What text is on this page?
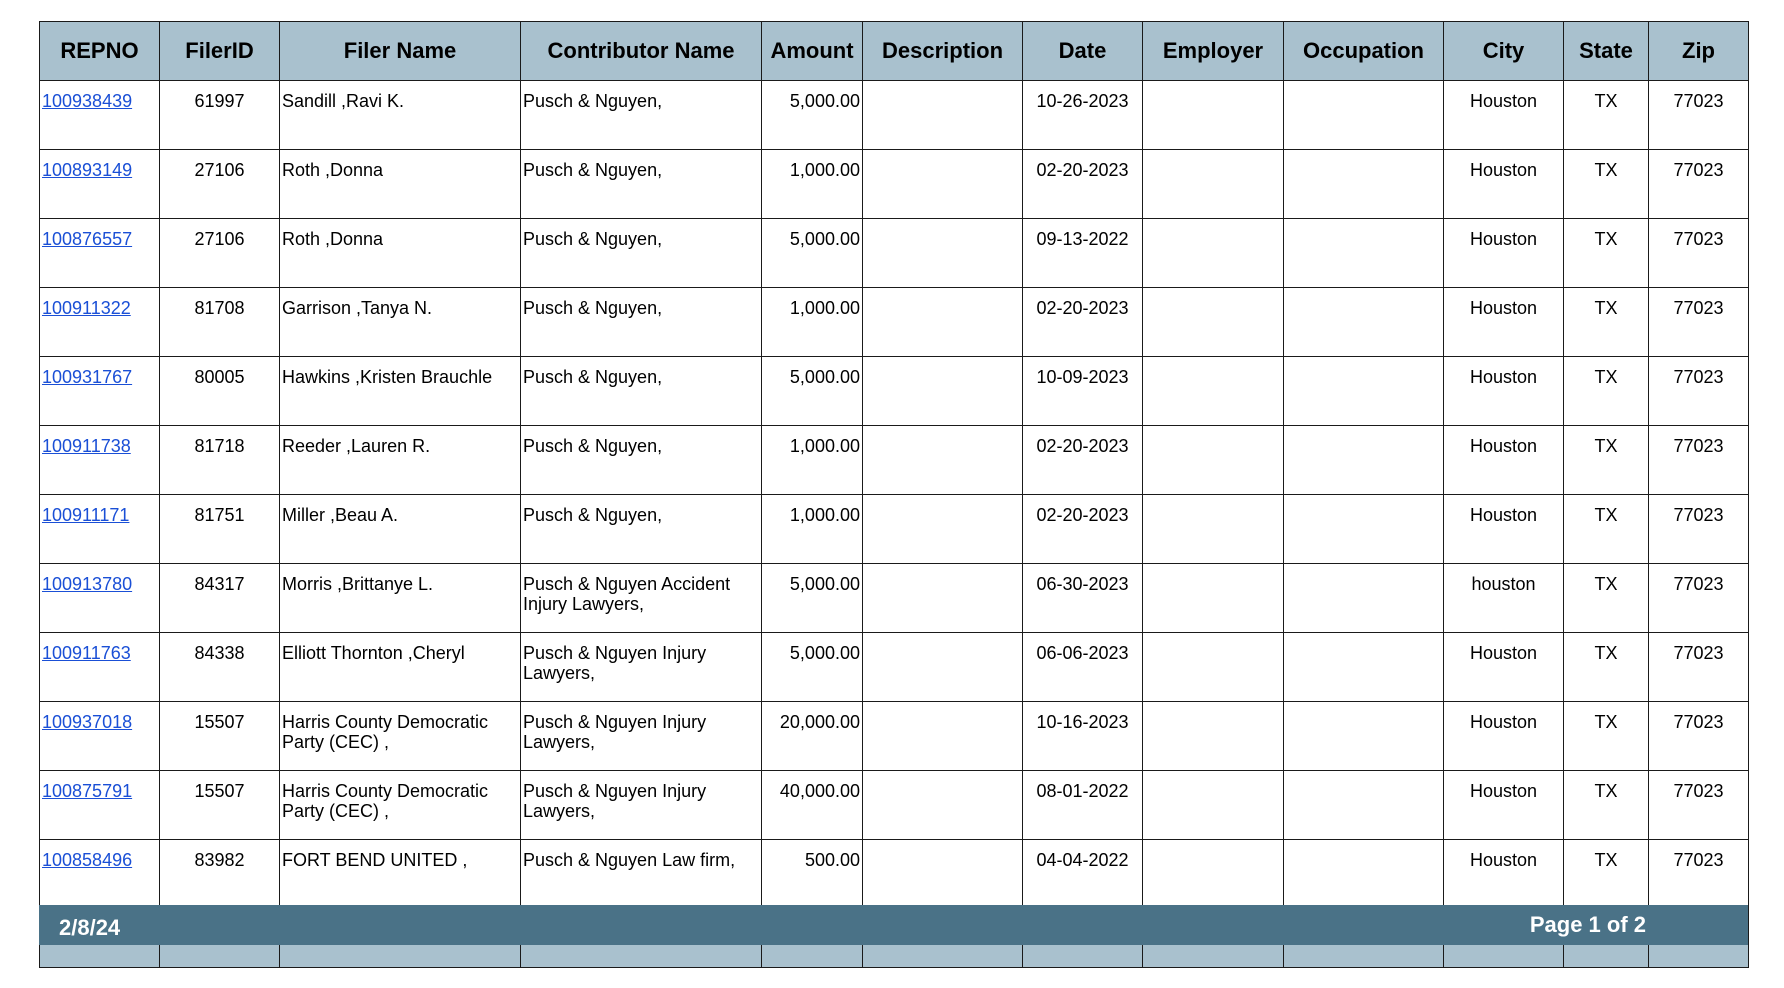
REPNO	FilerID	Filer Name	Contributor Name	Amount	Description	Date	Employer	Occupation	City	State	Zip
100938439	61997	Sandill ,Ravi K.	Pusch & Nguyen,	5,000.00		10-26-2023			Houston	TX	77023
100893149	27106	Roth ,Donna	Pusch & Nguyen,	1,000.00		02-20-2023			Houston	TX	77023
100876557	27106	Roth ,Donna	Pusch & Nguyen,	5,000.00		09-13-2022			Houston	TX	77023
100911322	81708	Garrison ,Tanya N.	Pusch & Nguyen,	1,000.00		02-20-2023			Houston	TX	77023
100931767	80005	Hawkins ,Kristen Brauchle	Pusch & Nguyen,	5,000.00		10-09-2023			Houston	TX	77023
100911738	81718	Reeder ,Lauren R.	Pusch & Nguyen,	1,000.00		02-20-2023			Houston	TX	77023
100911171	81751	Miller ,Beau A.	Pusch & Nguyen,	1,000.00		02-20-2023			Houston	TX	77023
100913780	84317	Morris ,Brittanye L.	Pusch & Nguyen Accident Injury Lawyers,	5,000.00		06-30-2023			houston	TX	77023
100911763	84338	Elliott Thornton ,Cheryl	Pusch & Nguyen Injury Lawyers,	5,000.00		06-06-2023			Houston	TX	77023
100937018	15507	Harris County Democratic Party (CEC) ,	Pusch & Nguyen Injury Lawyers,	20,000.00		10-16-2023			Houston	TX	77023
100875791	15507	Harris County Democratic Party (CEC) ,	Pusch & Nguyen Injury Lawyers,	40,000.00		08-01-2022			Houston	TX	77023
100858496	83982	FORT BEND UNITED ,	Pusch & Nguyen Law firm,	500.00		04-04-2022			Houston	TX	77023

2/8/24	Page 1 of 2
